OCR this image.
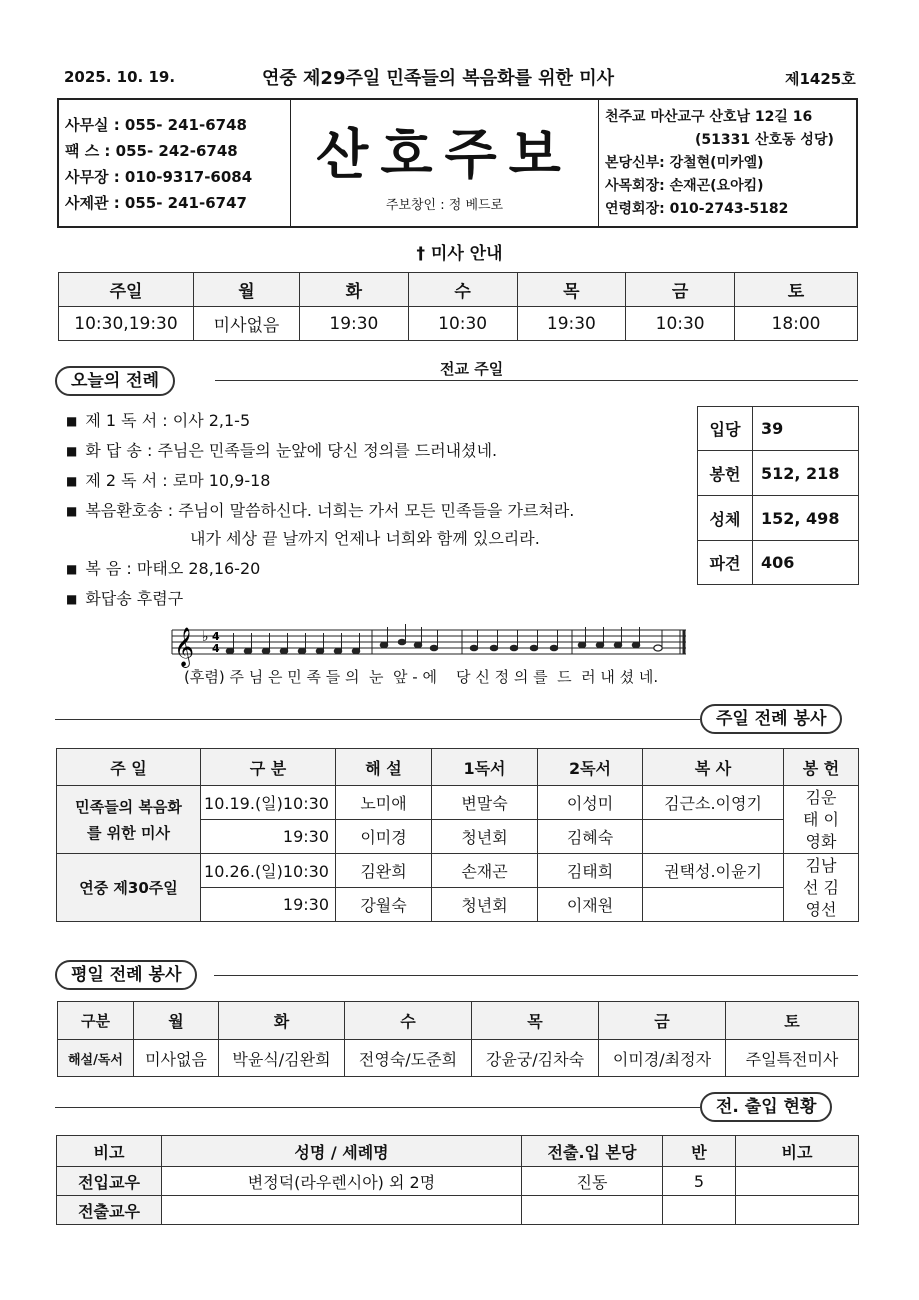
2025. 10. 19.	연중 제29주일 민족들의 복음화를 위한 미사	제1425호
사무실 : 055- 241-6748
팩 스 : 055- 242-6748
사무장 : 010-9317-6084
사제관 : 055- 241-6747
산호주보
주보창인 : 정 베드로
천주교 마산교구 산호남 12길 16
(51331 산호동 성당)
본당신부: 강철현(미카엘)
사목회장: 손재곤(요아킴)
연령회장: 010-2743-5182
† 미사 안내
주일	월	화	수	목	금	토
10:30,19:30	미사없음	19:30	10:30	19:30	10:30	18:00
오늘의 전례
전교 주일
■ 제 1 독 서 : 이사 2,1-5
■ 화 답 송 : 주님은 민족들의 눈앞에 당신 정의를 드러내셨네.
■ 제 2 독 서 : 로마 10,9-18
■ 복음환호송 : 주님이 말씀하신다. 너희는 가서 모든 민족들을 가르쳐라.
내가 세상 끝 날까지 언제나 너희와 함께 있으리라.
■ 복 음 : 마태오 28,16-20
■ 화답송 후렴구
입당	39
봉헌	512, 218
성체	152, 498
파견	406
𝄞 ♭ 4
4
(후렴) 주 님 은 민 족 들 의  눈  앞 - 에    당 신 정 의 를  드  러 내 셨 네.
주일 전례 봉사
주 일	구 분	해 설	1독서	2독서	복 사	봉 헌
민족들의 복음화를 위한 미사	10.19.(일)10:30	노미애	변말숙	이성미	김근소.이영기	김운태 이영화
	19:30	이미경	청년회	김혜숙		
연중 제30주일	10.26.(일)10:30	김완희	손재곤	김태희	권택성.이윤기	김남선 김영선
	19:30	강월숙	청년회	이재원		
평일 전례 봉사
구분	월	화	수	목	금	토
해설/독서	미사없음	박윤식/김완희	전영숙/도준희	강윤궁/김차숙	이미경/최정자	주일특전미사
전. 출입 현황
비고	성명 / 세례명	전출.입 본당	반	비고
전입교우	변정덕(라우렌시아) 외 2명	진동	5	
전출교우				
